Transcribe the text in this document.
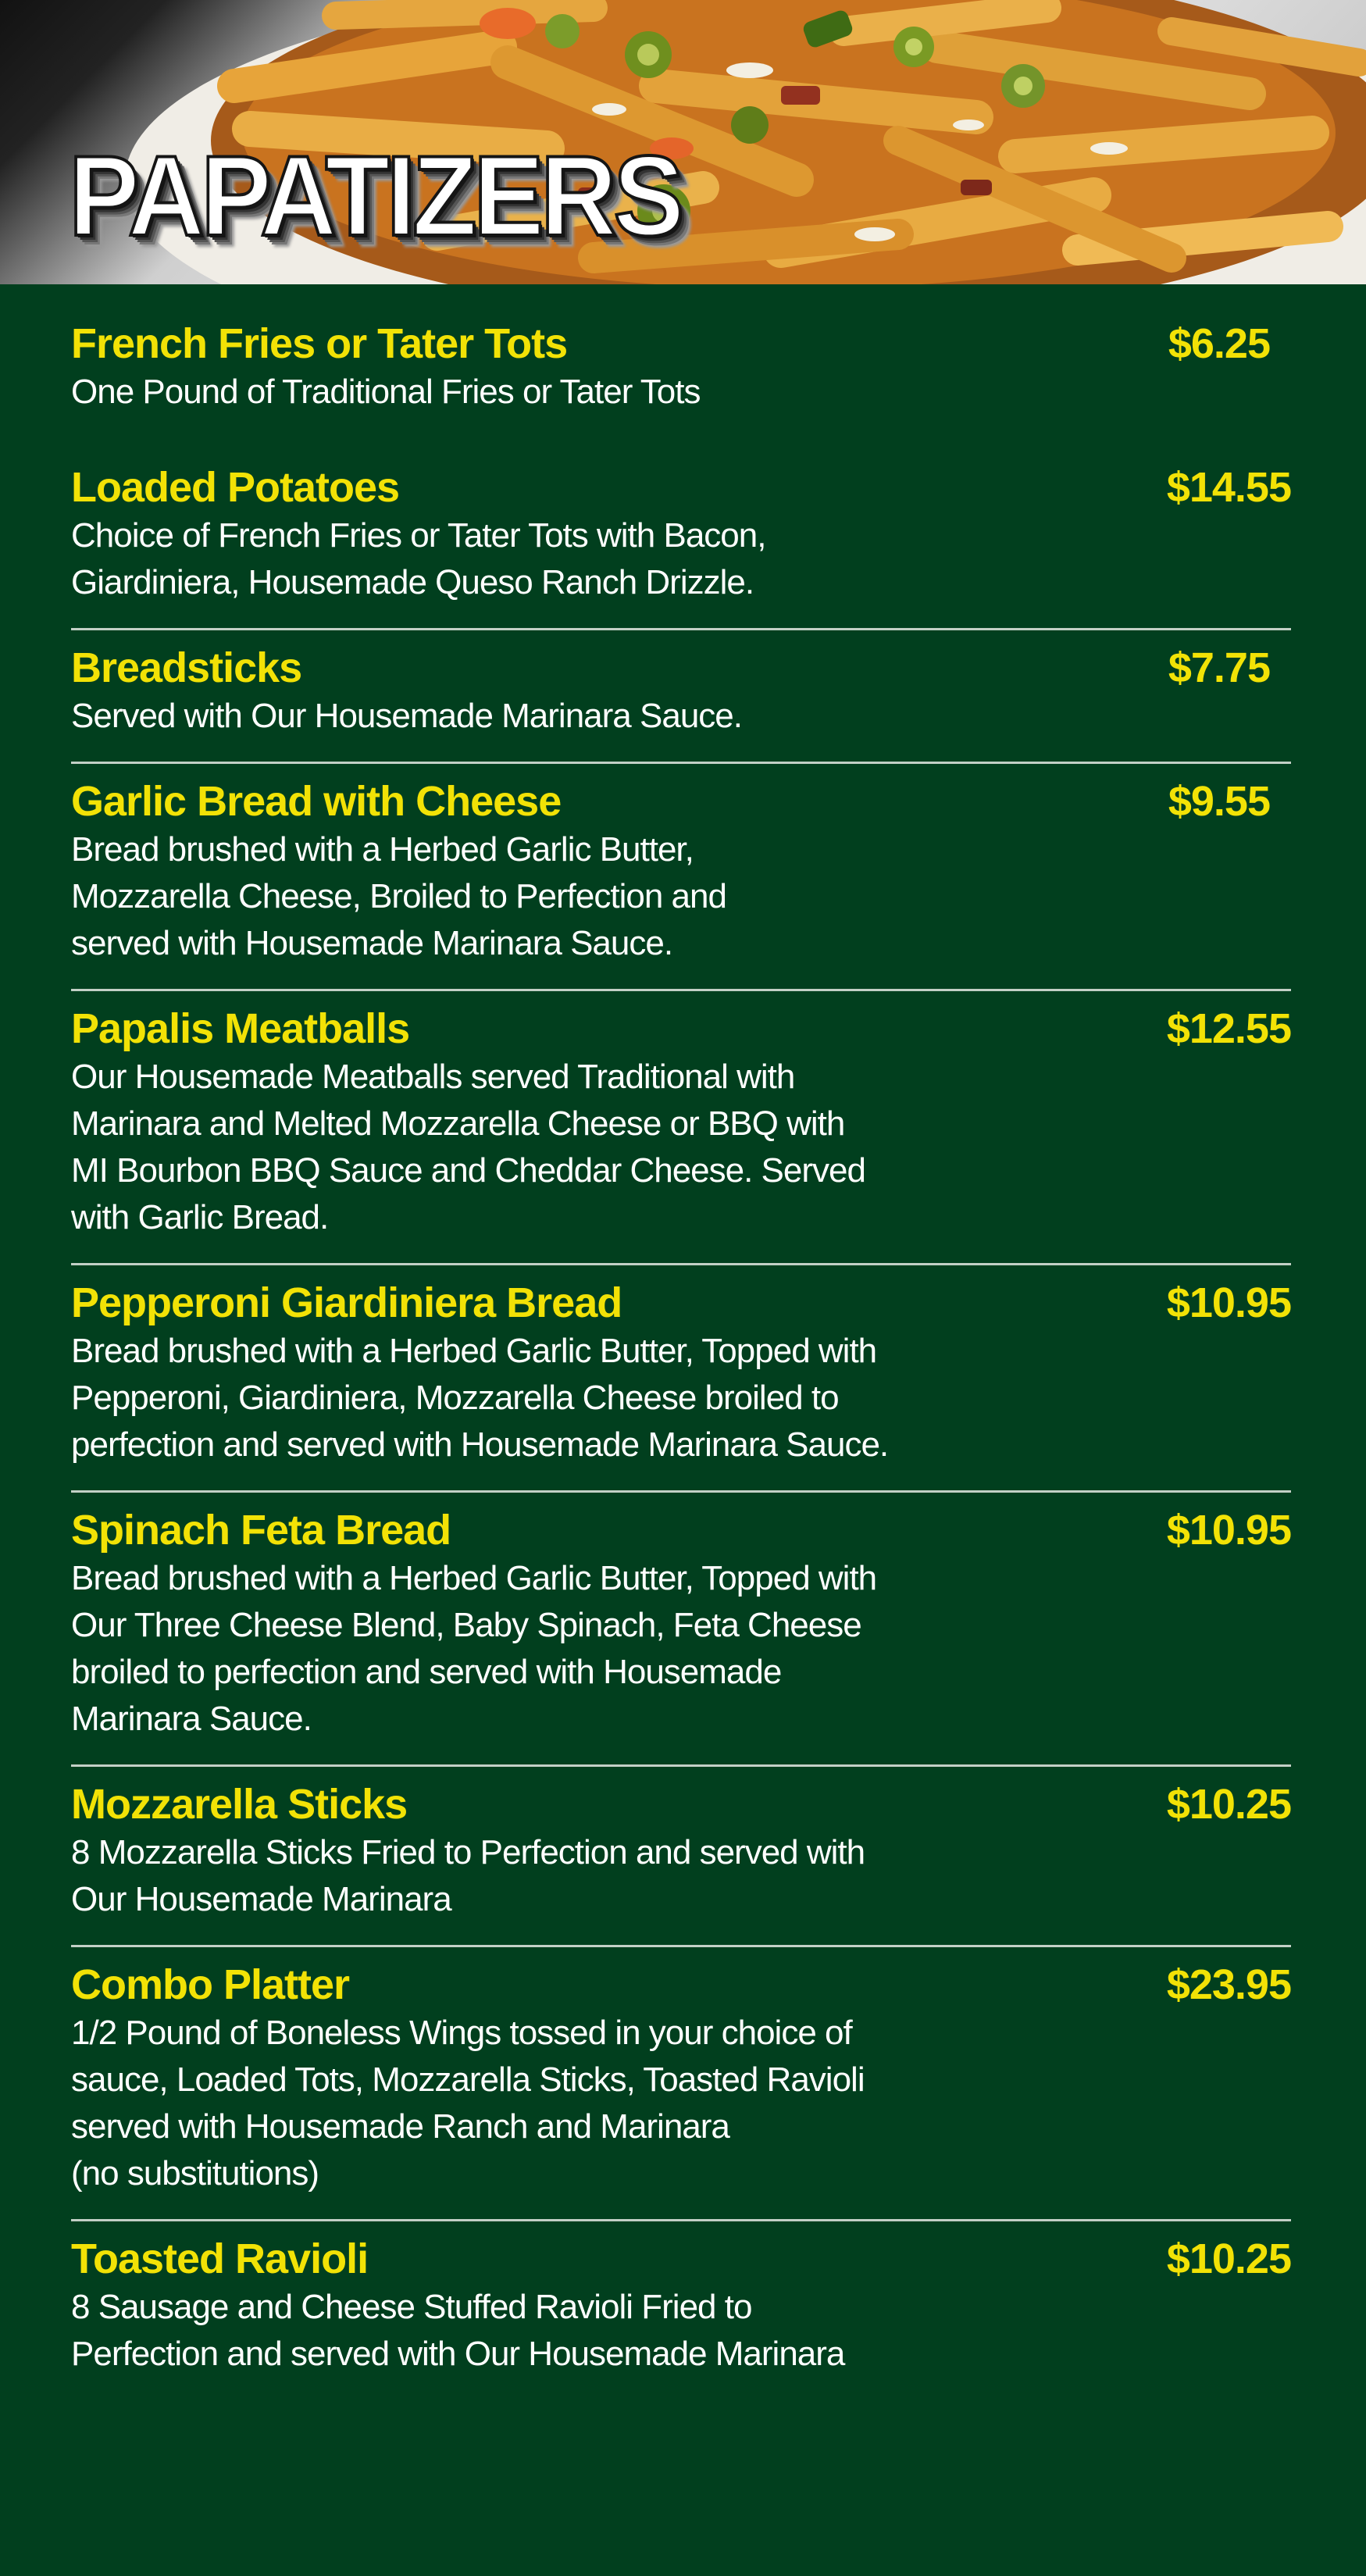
PAPATIZERS
French Fries or Tater Tots	$6.25

One Pound of Traditional Fries or Tater Tots

Loaded Potatoes	$14.55

Choice of French Fries or Tater Tots with Bacon,
Giardiniera, Housemade Queso Ranch Drizzle.

Breadsticks	$7.75

Served with Our Housemade Marinara Sauce.

Garlic Bread with Cheese	$9.55

Bread brushed with a Herbed Garlic Butter,
Mozzarella Cheese, Broiled to Perfection and
served with Housemade Marinara Sauce.

Papalis Meatballs	$12.55

Our Housemade Meatballs served Traditional with
Marinara and Melted Mozzarella Cheese or BBQ with
MI Bourbon BBQ Sauce and Cheddar Cheese. Served
with Garlic Bread.

Pepperoni Giardiniera Bread	$10.95

Bread brushed with a Herbed Garlic Butter, Topped with
Pepperoni, Giardiniera, Mozzarella Cheese broiled to
perfection and served with Housemade Marinara Sauce.

Spinach Feta Bread	$10.95

Bread brushed with a Herbed Garlic Butter, Topped with
Our Three Cheese Blend, Baby Spinach, Feta Cheese
broiled to perfection and served with Housemade
Marinara Sauce.

Mozzarella Sticks	$10.25

8 Mozzarella Sticks Fried to Perfection and served with
Our Housemade Marinara

Combo Platter	$23.95

1/2 Pound of Boneless Wings tossed in your choice of
sauce, Loaded Tots, Mozzarella Sticks, Toasted Ravioli
served with Housemade Ranch and Marinara
(no substitutions)

Toasted Ravioli	$10.25

8 Sausage and Cheese Stuffed Ravioli Fried to
Perfection and served with Our Housemade Marinara
